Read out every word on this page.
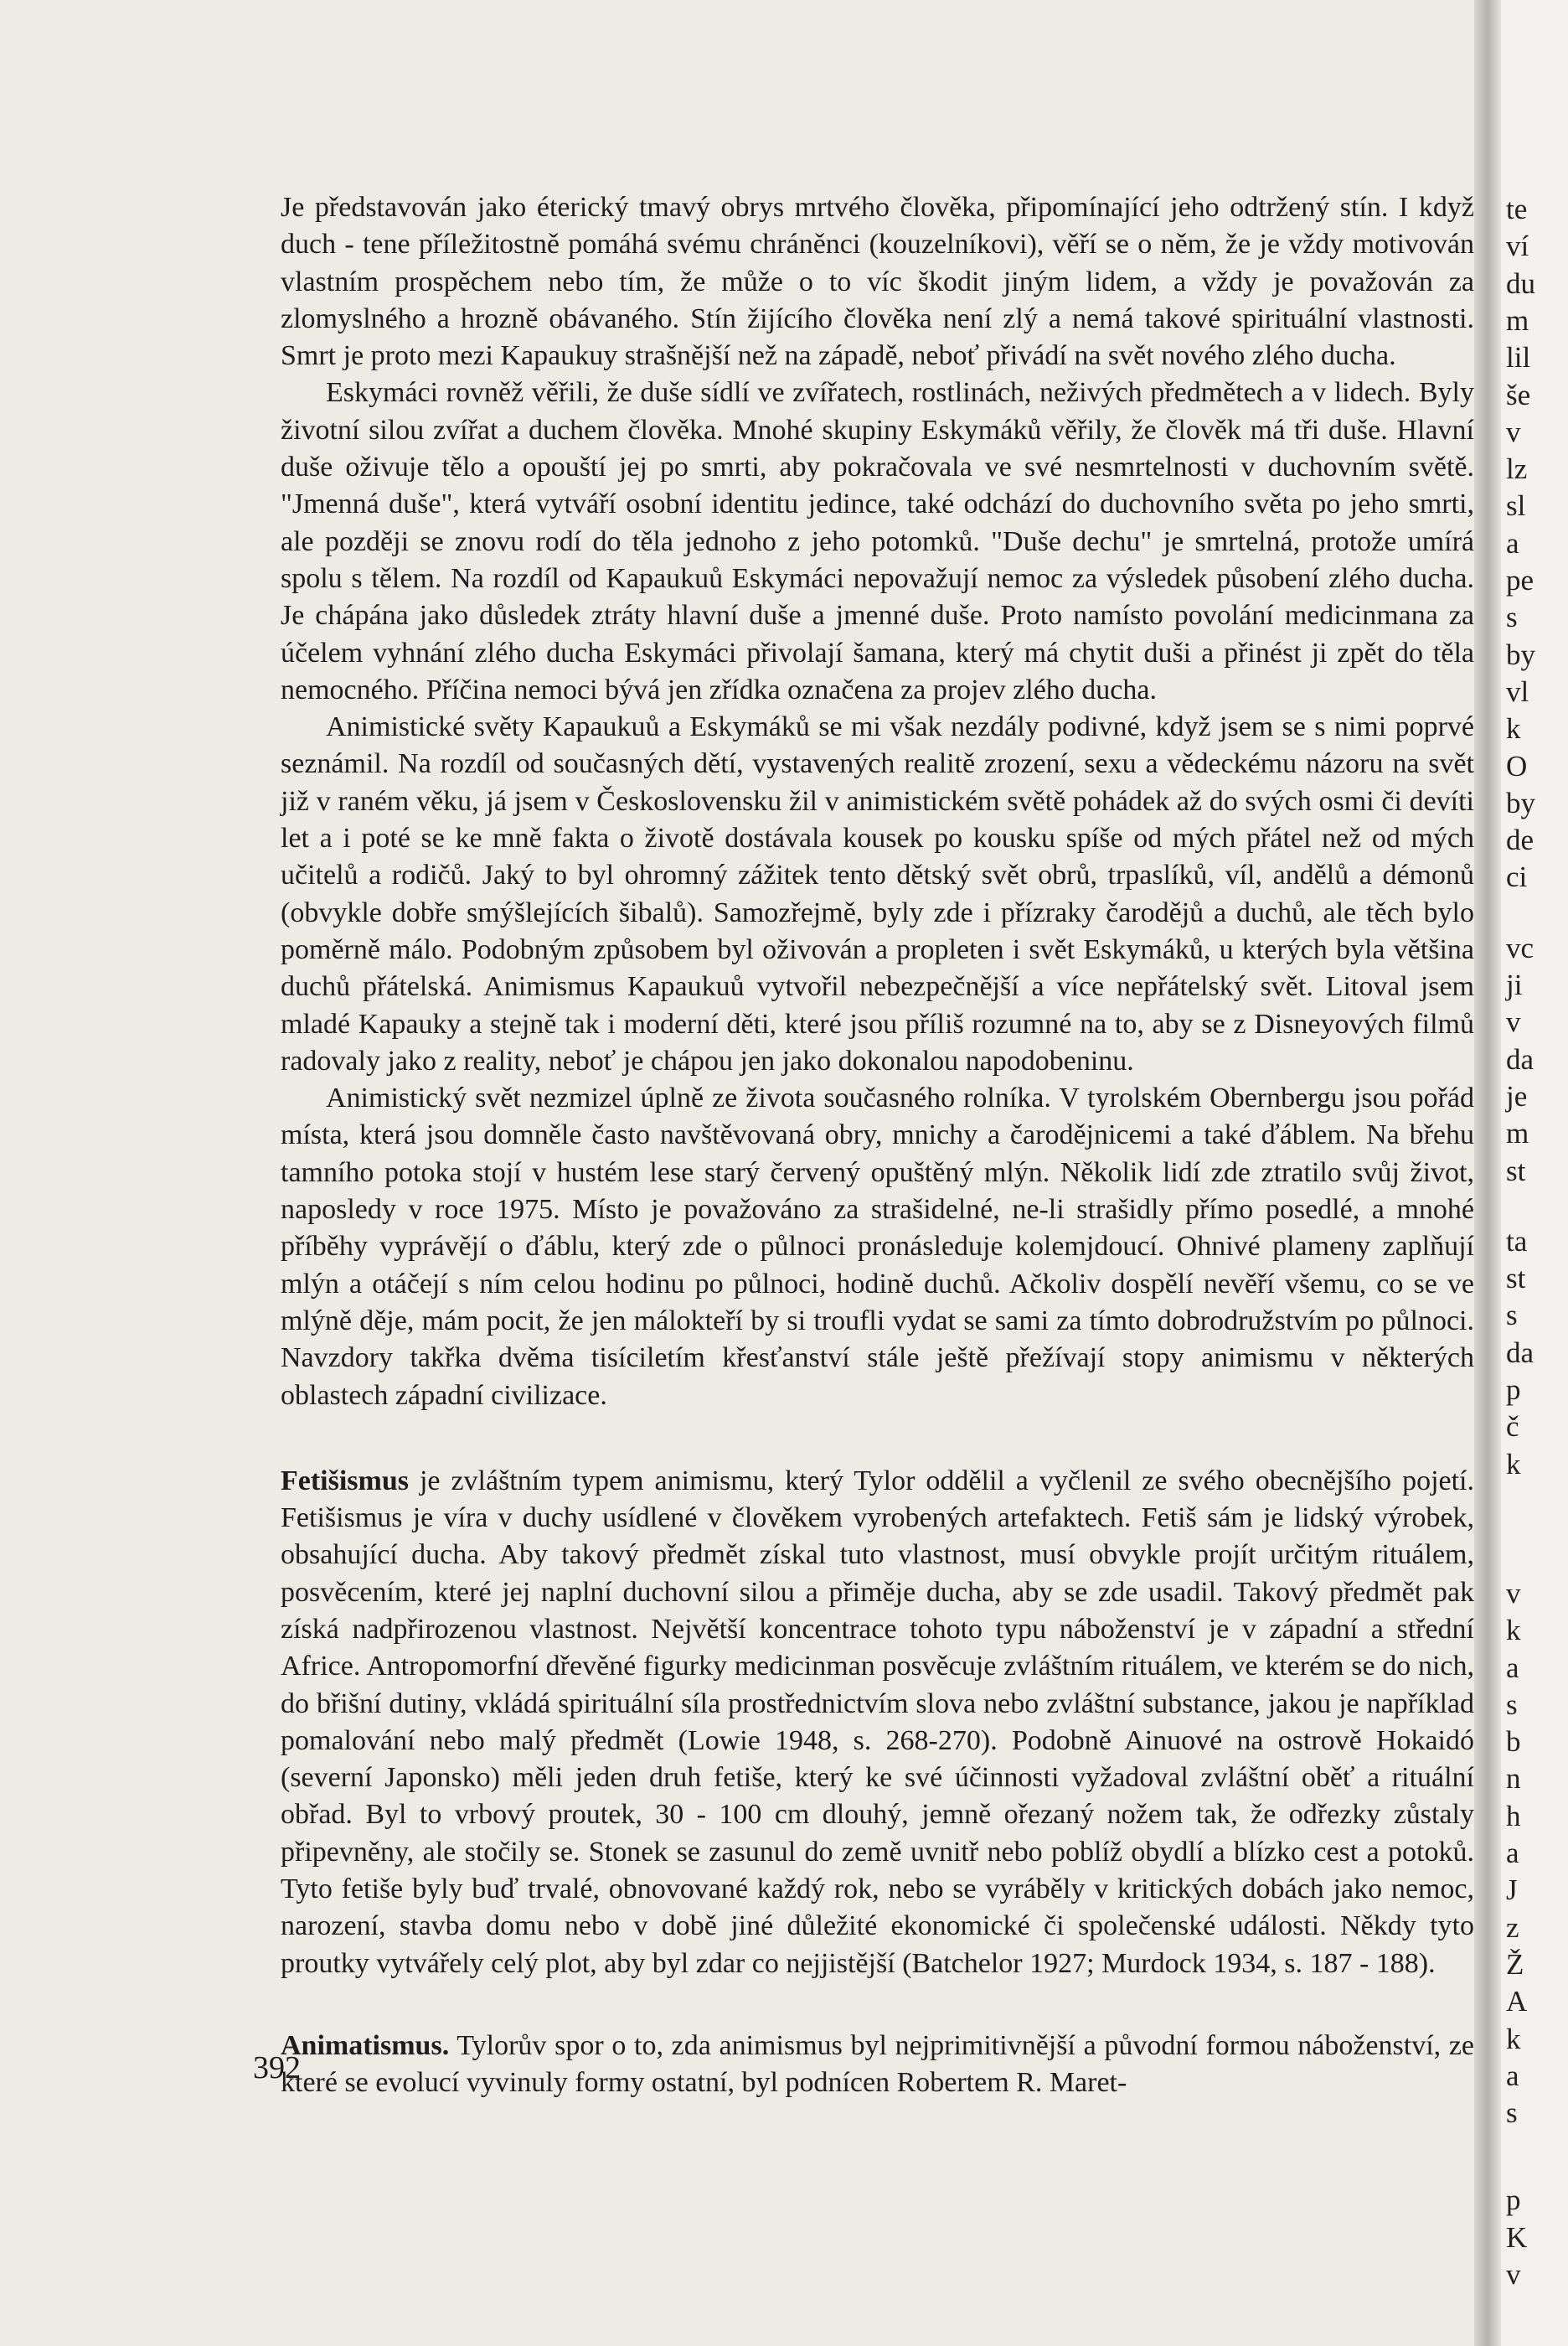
Je představován jako éterický tmavý obrys mrtvého člověka, připomínající jeho odtržený stín. I když duch - tene příležitostně pomáhá svému chráněnci (kouzelníkovi), věří se o něm, že je vždy motivován vlastním prospěchem nebo tím, že může o to víc škodit jiným lidem, a vždy je považován za zlomyslného a hrozně obávaného. Stín žijícího člověka není zlý a nemá takové spirituální vlastnosti. Smrt je proto mezi Kapaukuy strašnější než na západě, neboť přivádí na svět nového zlého ducha.

Eskymáci rovněž věřili, že duše sídlí ve zvířatech, rostlinách, neživých předmětech a v lidech. Byly životní silou zvířat a duchem člověka. Mnohé skupiny Eskymáků věřily, že člověk má tři duše. Hlavní duše oživuje tělo a opouští jej po smrti, aby pokračovala ve své nesmrtelnosti v duchovním světě. "Jmenná duše", která vytváří osobní identitu jedince, také odchází do duchovního světa po jeho smrti, ale později se znovu rodí do těla jednoho z jeho potomků. "Duše dechu" je smrtelná, protože umírá spolu s tělem. Na rozdíl od Kapaukuů Eskymáci nepovažují nemoc za výsledek působení zlého ducha. Je chápána jako důsledek ztráty hlavní duše a jmenné duše. Proto namísto povolání medicinmana za účelem vyhnání zlého ducha Eskymáci přivolají šamana, který má chytit duši a přinést ji zpět do těla nemocného. Příčina nemoci bývá jen zřídka označena za projev zlého ducha.

Animistické světy Kapaukuů a Eskymáků se mi však nezdály podivné, když jsem se s nimi poprvé seznámil. Na rozdíl od současných dětí, vystavených realitě zrození, sexu a vědeckému názoru na svět již v raném věku, já jsem v Československu žil v animistickém světě pohádek až do svých osmi či devíti let a i poté se ke mně fakta o životě dostávala kousek po kousku spíše od mých přátel než od mých učitelů a rodičů. Jaký to byl ohromný zážitek tento dětský svět obrů, trpaslíků, víl, andělů a démonů (obvykle dobře smýšlejících šibalů). Samozřejmě, byly zde i přízraky čarodějů a duchů, ale těch bylo poměrně málo. Podobným způsobem byl oživován a propleten i svět Eskymáků, u kterých byla většina duchů přátelská. Animismus Kapaukuů vytvořil nebezpečnější a více nepřátelský svět. Litoval jsem mladé Kapauky a stejně tak i moderní děti, které jsou příliš rozumné na to, aby se z Disneyových filmů radovaly jako z reality, neboť je chápou jen jako dokonalou napodobeninu.

Animistický svět nezmizel úplně ze života současného rolníka. V tyrolském Obernbergu jsou pořád místa, která jsou domněle často navštěvovaná obry, mnichy a čarodějnicemi a také ďáblem. Na břehu tamního potoka stojí v hustém lese starý červený opuštěný mlýn. Několik lidí zde ztratilo svůj život, naposledy v roce 1975. Místo je považováno za strašidelné, ne-li strašidly přímo posedlé, a mnohé příběhy vyprávějí o ďáblu, který zde o půlnoci pronásleduje kolemjdoucí. Ohnivé plameny zaplňují mlýn a otáčejí s ním celou hodinu po půlnoci, hodině duchů. Ačkoliv dospělí nevěří všemu, co se ve mlýně děje, mám pocit, že jen málokteří by si troufli vydat se sami za tímto dobrodružstvím po půlnoci. Navzdory takřka dvěma tisíciletím křesťanství stále ještě přežívají stopy animismu v některých oblastech západní civilizace.

Fetišismus je zvláštním typem animismu, který Tylor oddělil a vyčlenil ze svého obecnějšího pojetí. Fetišismus je víra v duchy usídlené v člověkem vyrobených artefaktech. Fetiš sám je lidský výrobek, obsahující ducha. Aby takový předmět získal tuto vlastnost, musí obvykle projít určitým rituálem, posvěcením, které jej naplní duchovní silou a přiměje ducha, aby se zde usadil. Takový předmět pak získá nadpřirozenou vlastnost. Největší koncentrace tohoto typu náboženství je v západní a střední Africe. Antropomorfní dřevěné figurky medicinman posvěcuje zvláštním rituálem, ve kterém se do nich, do břišní dutiny, vkládá spirituální síla prostřednictvím slova nebo zvláštní substance, jakou je například pomalování nebo malý předmět (Lowie 1948, s. 268-270). Podobně Ainuové na ostrově Hokaidó (severní Japonsko) měli jeden druh fetiše, který ke své účinnosti vyžadoval zvláštní oběť a rituální obřad. Byl to vrbový proutek, 30 - 100 cm dlouhý, jemně ořezaný nožem tak, že odřezky zůstaly připevněny, ale stočily se. Stonek se zasunul do země uvnitř nebo poblíž obydlí a blízko cest a potoků. Tyto fetiše byly buď trvalé, obnovované každý rok, nebo se vyráběly v kritických dobách jako nemoc, narození, stavba domu nebo v době jiné důležité ekonomické či společenské události. Někdy tyto proutky vytvářely celý plot, aby byl zdar co nejjistější (Batchelor 1927; Murdock 1934, s. 187 - 188).

Animatismus. Tylorův spor o to, zda animismus byl nejprimitivnější a původní formou náboženství, ze které se evolucí vyvinuly formy ostatní, byl podnícen Robertem R. Maret-

392
te
ví
du
m
lil
še
v
lz
sl
a
pe
s
by
vl
k
O
by
de
ci
vc
ji
v
da
je
m
st
ta
st
s
da
p
č
k
v
k
a
s
b
n
h
a
J
z
Ž
A
k
a
s
p
K
v
